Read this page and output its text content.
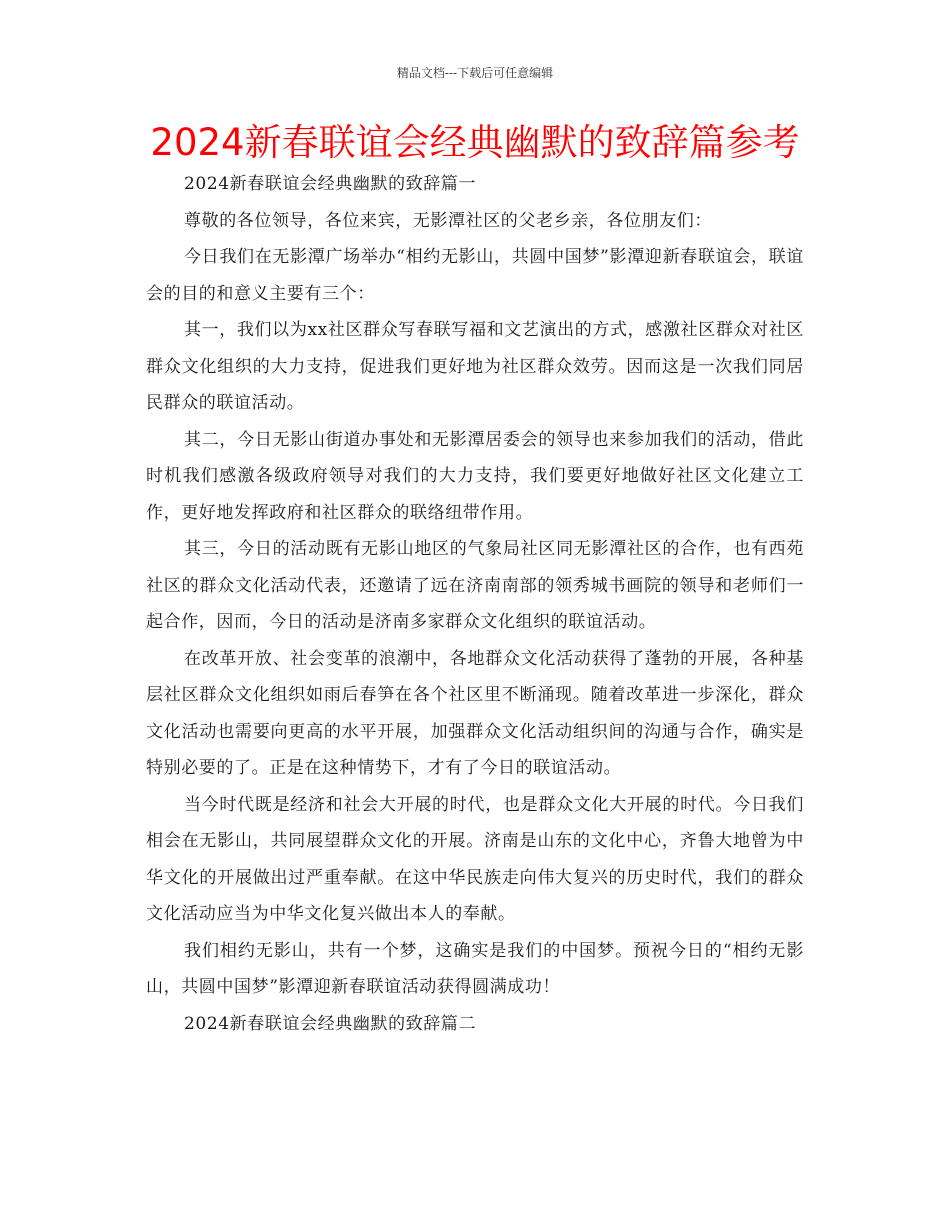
精品文档---下载后可任意编辑
2024新春联谊会经典幽默的致辞篇参考

2024新春联谊会经典幽默的致辞篇一

尊敬的各位领导，各位来宾，无影潭社区的父老乡亲，各位朋友们：

今日我们在无影潭广场举办“相约无影山，共圆中国梦”影潭迎新春联谊会，联谊会的目的和意义主要有三个：

其一，我们以为xx社区群众写春联写福和文艺演出的方式，感激社区群众对社区群众文化组织的大力支持，促进我们更好地为社区群众效劳。因而这是一次我们同居民群众的联谊活动。

其二，今日无影山街道办事处和无影潭居委会的领导也来参加我们的活动，借此时机我们感激各级政府领导对我们的大力支持，我们要更好地做好社区文化建立工作，更好地发挥政府和社区群众的联络纽带作用。

其三，今日的活动既有无影山地区的气象局社区同无影潭社区的合作，也有西苑社区的群众文化活动代表，还邀请了远在济南南部的领秀城书画院的领导和老师们一起合作，因而，今日的活动是济南多家群众文化组织的联谊活动。

在改革开放、社会变革的浪潮中，各地群众文化活动获得了蓬勃的开展，各种基层社区群众文化组织如雨后春笋在各个社区里不断涌现。随着改革进一步深化，群众文化活动也需要向更高的水平开展，加强群众文化活动组织间的沟通与合作，确实是特别必要的了。正是在这种情势下，才有了今日的联谊活动。

当今时代既是经济和社会大开展的时代，也是群众文化大开展的时代。今日我们相会在无影山，共同展望群众文化的开展。济南是山东的文化中心，齐鲁大地曾为中华文化的开展做出过严重奉献。在这中华民族走向伟大复兴的历史时代，我们的群众文化活动应当为中华文化复兴做出本人的奉献。

我们相约无影山，共有一个梦，这确实是我们的中国梦。预祝今日的“相约无影山，共圆中国梦”影潭迎新春联谊活动获得圆满成功！

2024新春联谊会经典幽默的致辞篇二
